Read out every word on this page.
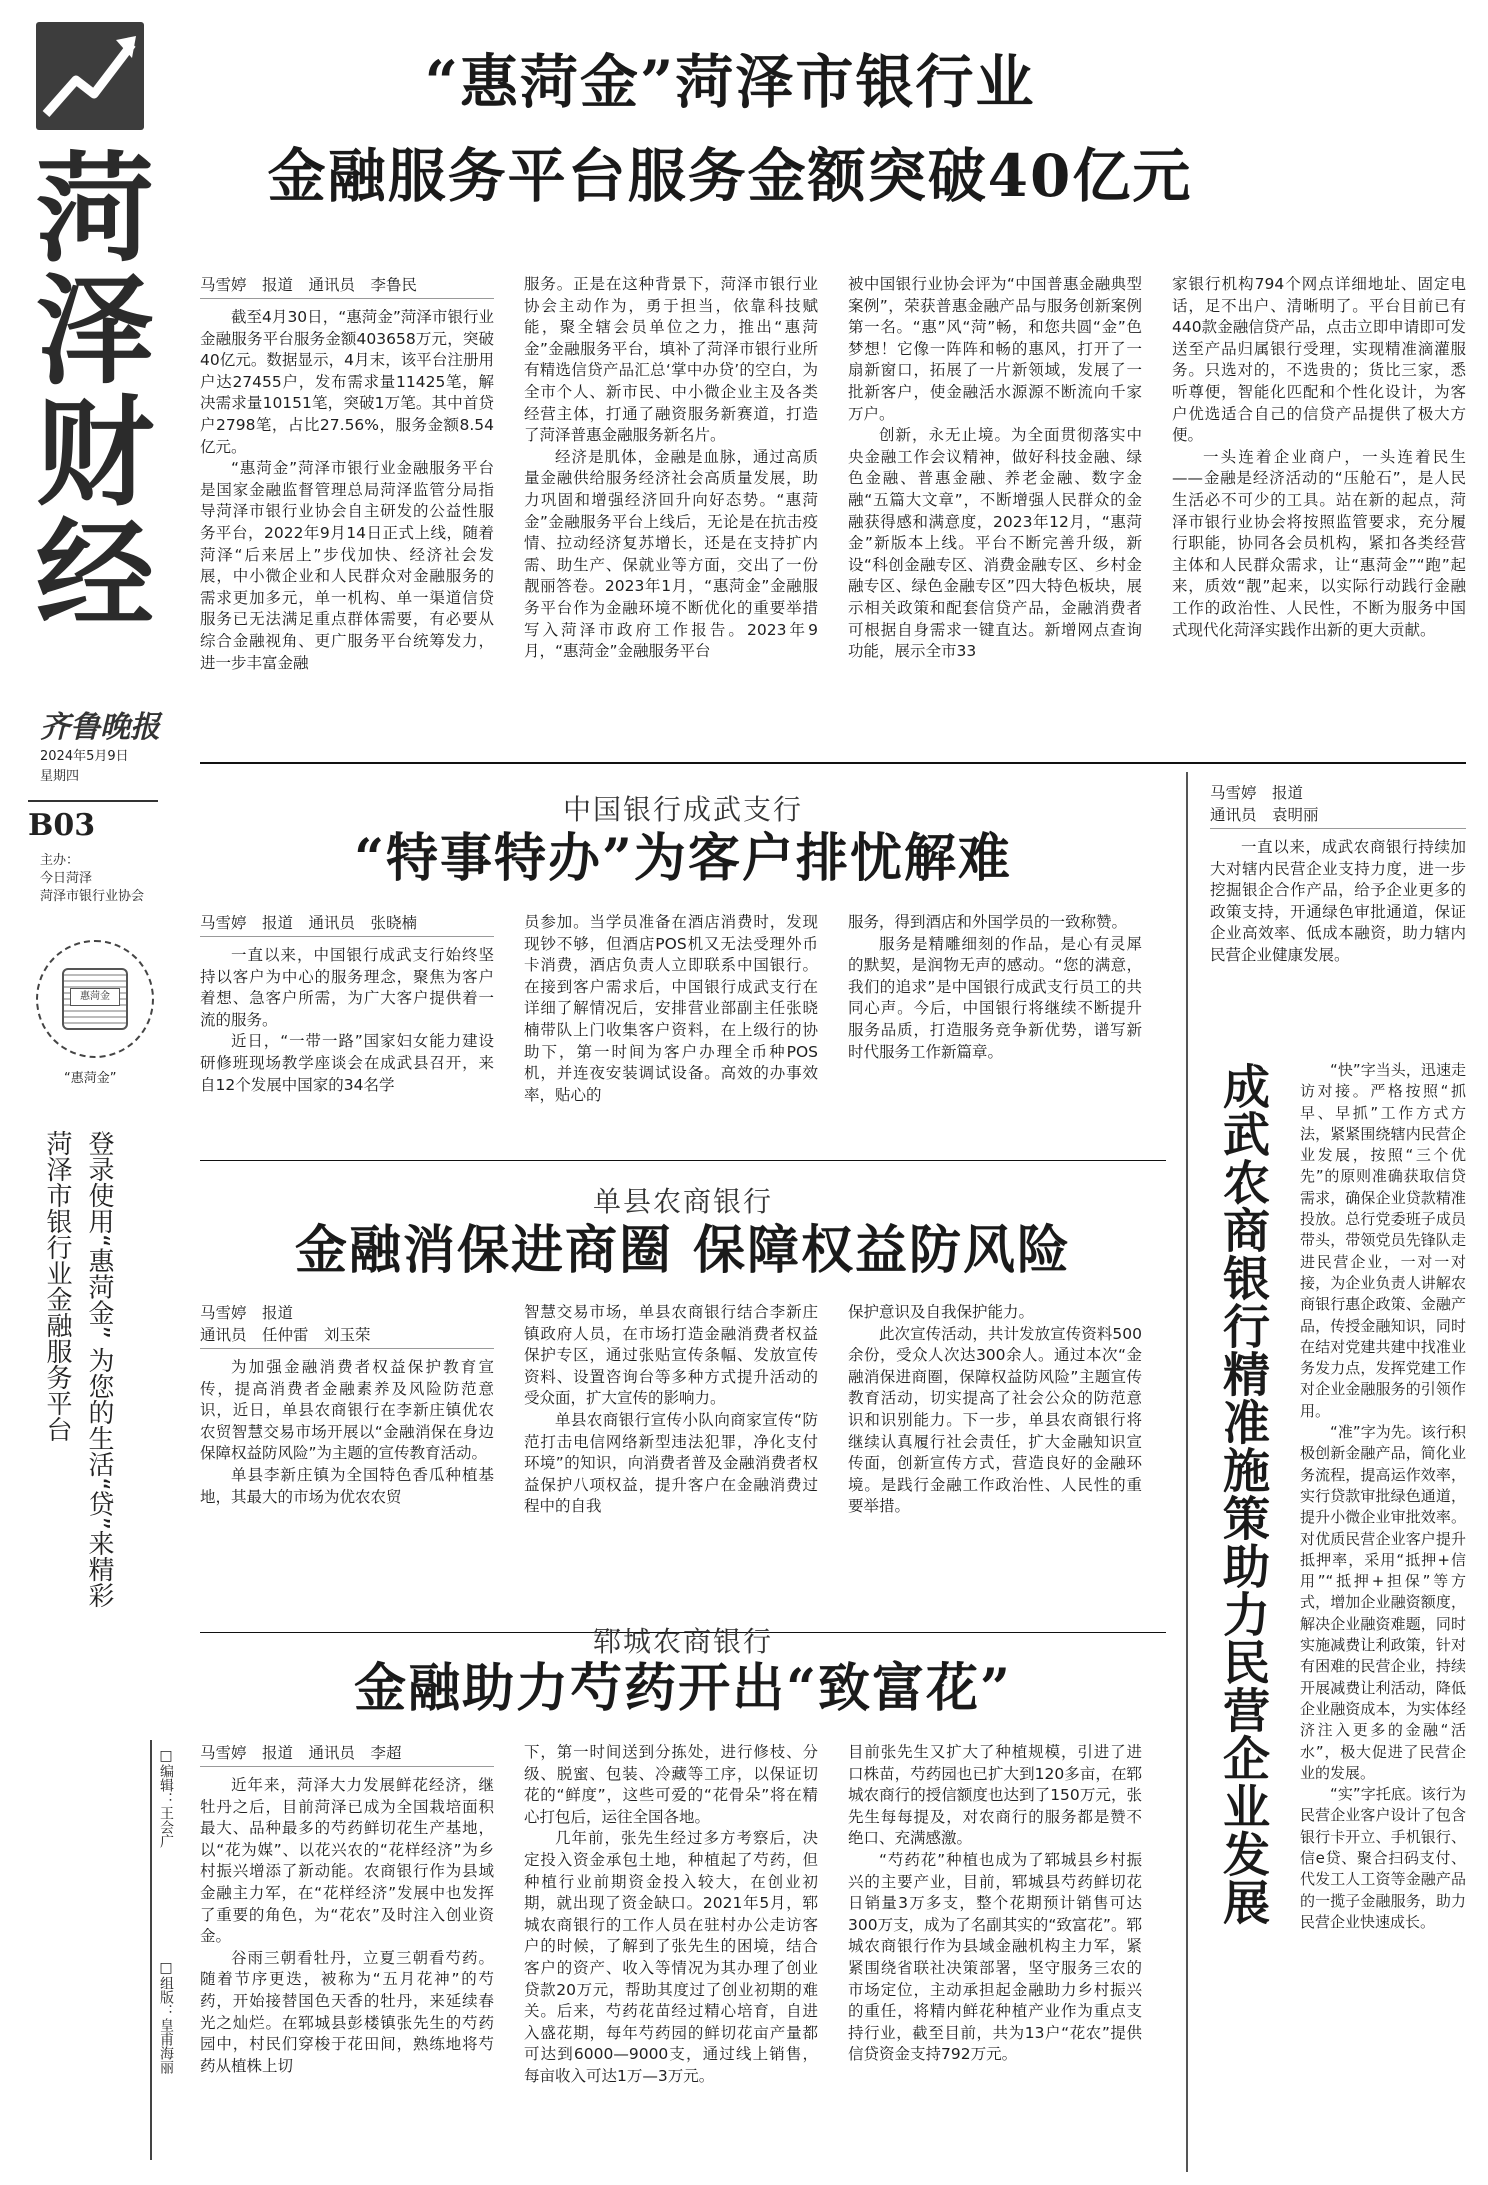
菏泽财经
齐鲁晚报
2024年5月9日
星期四
B03
主办：
今日菏泽
菏泽市银行业协会
惠菏金
“惠菏金”
登录使用“惠菏金” 为您的生活“贷”来精彩
菏泽市银行业金融服务平台
□编辑：王会广
□组版：皇甫海丽
“惠菏金”菏泽市银行业
金融服务平台服务金额突破40亿元

马雪婷　报道　通讯员　李鲁民

截至4月30日，“惠菏金”菏泽市银行业金融服务平台服务金额403658万元，突破40亿元。数据显示，4月末，该平台注册用户达27455户，发布需求量11425笔，解决需求量10151笔，突破1万笔。其中首贷户2798笔，占比27.56%，服务金额8.54亿元。

“惠菏金”菏泽市银行业金融服务平台是国家金融监督管理总局菏泽监管分局指导菏泽市银行业协会自主研发的公益性服务平台，2022年9月14日正式上线，随着菏泽“后来居上”步伐加快、经济社会发展，中小微企业和人民群众对金融服务的需求更加多元，单一机构、单一渠道信贷服务已无法满足重点群体需要，有必要从综合金融视角、更广服务平台统筹发力，进一步丰富金融

服务。正是在这种背景下，菏泽市银行业协会主动作为，勇于担当，依靠科技赋能，聚全辖会员单位之力，推出“惠菏金”金融服务平台，填补了菏泽市银行业所有精选信贷产品汇总‘掌中办贷’的空白，为全市个人、新市民、中小微企业主及各类经营主体，打通了融资服务新赛道，打造了菏泽普惠金融服务新名片。

经济是肌体，金融是血脉，通过高质量金融供给服务经济社会高质量发展，助力巩固和增强经济回升向好态势。“惠菏金”金融服务平台上线后，无论是在抗击疫情、拉动经济复苏增长，还是在支持扩内需、助生产、保就业等方面，交出了一份靓丽答卷。2023年1月，“惠菏金”金融服务平台作为金融环境不断优化的重要举措写入菏泽市政府工作报告。2023年9月，“惠菏金”金融服务平台

被中国银行业协会评为“中国普惠金融典型案例”，荣获普惠金融产品与服务创新案例第一名。“惠”风“菏”畅，和您共圆“金”色梦想！它像一阵阵和畅的惠风，打开了一扇新窗口，拓展了一片新领域，发展了一批新客户，使金融活水源源不断流向千家万户。

创新，永无止境。为全面贯彻落实中央金融工作会议精神，做好科技金融、绿色金融、普惠金融、养老金融、数字金融“五篇大文章”，不断增强人民群众的金融获得感和满意度，2023年12月，“惠菏金”新版本上线。平台不断完善升级，新设“科创金融专区、消费金融专区、乡村金融专区、绿色金融专区”四大特色板块，展示相关政策和配套信贷产品，金融消费者可根据自身需求一键直达。新增网点查询功能，展示全市33

家银行机构794个网点详细地址、固定电话，足不出户、清晰明了。平台目前已有440款金融信贷产品，点击立即申请即可发送至产品归属银行受理，实现精准滴灌服务。只选对的，不选贵的；货比三家，悉听尊便，智能化匹配和个性化设计，为客户优选适合自己的信贷产品提供了极大方便。

一头连着企业商户，一头连着民生——金融是经济活动的“压舱石”，是人民生活必不可少的工具。站在新的起点，菏泽市银行业协会将按照监管要求，充分履行职能，协同各会员机构，紧扣各类经营主体和人民群众需求，让“惠菏金”“跑”起来，质效“靓”起来，以实际行动践行金融工作的政治性、人民性，不断为服务中国式现代化菏泽实践作出新的更大贡献。

中国银行成武支行
“特事特办”为客户排忧解难

马雪婷　报道　通讯员　张晓楠

一直以来，中国银行成武支行始终坚持以客户为中心的服务理念，聚焦为客户着想、急客户所需，为广大客户提供着一流的服务。

近日，“一带一路”国家妇女能力建设研修班现场教学座谈会在成武县召开，来自12个发展中国家的34名学

员参加。当学员准备在酒店消费时，发现现钞不够，但酒店POS机又无法受理外币卡消费，酒店负责人立即联系中国银行。在接到客户需求后，中国银行成武支行在详细了解情况后，安排营业部副主任张晓楠带队上门收集客户资料，在上级行的协助下，第一时间为客户办理全币种POS机，并连夜安装调试设备。高效的办事效率，贴心的

服务，得到酒店和外国学员的一致称赞。

服务是精雕细刻的作品，是心有灵犀的默契，是润物无声的感动。“您的满意，我们的追求”是中国银行成武支行员工的共同心声。今后，中国银行将继续不断提升服务品质，打造服务竞争新优势，谱写新时代服务工作新篇章。

单县农商银行
金融消保进商圈 保障权益防风险

马雪婷　报道

通讯员　任仲雷　刘玉荣

为加强金融消费者权益保护教育宣传，提高消费者金融素养及风险防范意识，近日，单县农商银行在李新庄镇优农农贸智慧交易市场开展以“金融消保在身边　保障权益防风险”为主题的宣传教育活动。

单县李新庄镇为全国特色香瓜种植基地，其最大的市场为优农农贸

智慧交易市场，单县农商银行结合李新庄镇政府人员，在市场打造金融消费者权益保护专区，通过张贴宣传条幅、发放宣传资料、设置咨询台等多种方式提升活动的受众面，扩大宣传的影响力。

单县农商银行宣传小队向商家宣传“防范打击电信网络新型违法犯罪，净化支付环境”的知识，向消费者普及金融消费者权益保护八项权益，提升客户在金融消费过程中的自我

保护意识及自我保护能力。

此次宣传活动，共计发放宣传资料500余份，受众人次达300余人。通过本次“金融消保进商圈，保障权益防风险”主题宣传教育活动，切实提高了社会公众的防范意识和识别能力。下一步，单县农商银行将继续认真履行社会责任，扩大金融知识宣传面，创新宣传方式，营造良好的金融环境。是践行金融工作政治性、人民性的重要举措。

郓城农商银行
金融助力芍药开出“致富花”

马雪婷　报道　通讯员　李超

近年来，菏泽大力发展鲜花经济，继牡丹之后，目前菏泽已成为全国栽培面积最大、品种最多的芍药鲜切花生产基地，以“花为媒”、以花兴农的“花样经济”为乡村振兴增添了新动能。农商银行作为县域金融主力军，在“花样经济”发展中也发挥了重要的角色，为“花农”及时注入创业资金。

谷雨三朝看牡丹，立夏三朝看芍药。随着节序更迭，被称为“五月花神”的芍药，开始接替国色天香的牡丹，来延续春光之灿烂。在郓城县彭楼镇张先生的芍药园中，村民们穿梭于花田间，熟练地将芍药从植株上切

下，第一时间送到分拣处，进行修枝、分级、脱蜜、包装、冷藏等工序，以保证切花的“鲜度”，这些可爱的“花骨朵”将在精心打包后，运往全国各地。

几年前，张先生经过多方考察后，决定投入资金承包土地，种植起了芍药，但种植行业前期资金投入较大，在创业初期，就出现了资金缺口。2021年5月，郓城农商银行的工作人员在驻村办公走访客户的时候，了解到了张先生的困境，结合客户的资产、收入等情况为其办理了创业贷款20万元，帮助其度过了创业初期的难关。后来，芍药花苗经过精心培育，自进入盛花期，每年芍药园的鲜切花亩产量都可达到6000—9000支，通过线上销售，每亩收入可达1万—3万元。

目前张先生又扩大了种植规模，引进了进口株苗，芍药园也已扩大到120多亩，在郓城农商行的授信额度也达到了150万元，张先生每每提及，对农商行的服务都是赞不绝口、充满感激。

“芍药花”种植也成为了郓城县乡村振兴的主要产业，目前，郓城县芍药鲜切花日销量3万多支，整个花期预计销售可达300万支，成为了名副其实的“致富花”。郓城农商银行作为县域金融机构主力军，紧紧围绕省联社决策部署，坚守服务三农的市场定位，主动承担起金融助力乡村振兴的重任，将精内鲜花种植产业作为重点支持行业，截至目前，共为13户“花农”提供信贷资金支持792万元。

马雪婷　报道

通讯员　袁明丽

一直以来，成武农商银行持续加大对辖内民营企业支持力度，进一步挖掘银企合作产品，给予企业更多的政策支持，开通绿色审批通道，保证企业高效率、低成本融资，助力辖内民营企业健康发展。

成武农商银行精准施策助力民营企业发展	“快”字当头，迅速走访对接。严格按照“抓早、早抓”工作方式方法，紧紧围绕辖内民营企业发展，按照“三个优先”的原则准确获取信贷需求，确保企业贷款精准投放。总行党委班子成员带头，带领党员先锋队走进民营企业，一对一对接，为企业负责人讲解农商银行惠企政策、金融产品，传授金融知识，同时在结对党建共建中找准业务发力点，发挥党建工作对企业金融服务的引领作用。

“准”字为先。该行积极创新金融产品，简化业务流程，提高运作效率，实行贷款审批绿色通道，提升小微企业审批效率。对优质民营企业客户提升抵押率，采用“抵押+信用”“抵押+担保”等方式，增加企业融资额度，解决企业融资难题，同时实施减费让利政策，针对有困难的民营企业，持续开展减费让利活动，降低企业融资成本，为实体经济注入更多的金融“活水”，极大促进了民营企业的发展。

“实”字托底。该行为民营企业客户设计了包含银行卡开立、手机银行、信e贷、聚合扫码支付、代发工人工资等金融产品的一揽子金融服务，助力民营企业快速成长。
